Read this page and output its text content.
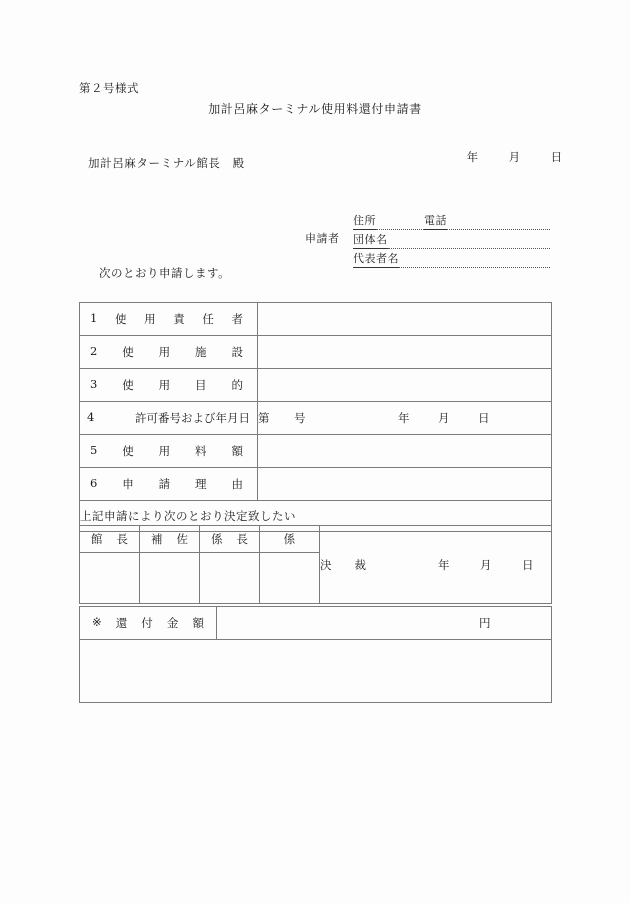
第２号様式
加計呂麻ターミナル使用料還付申請書

年	月	日

加計呂麻ターミナル館長　殿
申請者
住所	電話
団体名
代表者名
次のとおり申請します。
1 使 用 責 任 者

2 使 用 施 設	

3 使 用 目 的	

4 許可番号および年月日	第 号 年 月 日

5 使 用 料 額	

6 申 請 理 由	

上記申請により次のとおり決定致したい	
館 長	補 佐	係 長	係	決　　裁 年 月 日

※ 還 付 金 額	円
